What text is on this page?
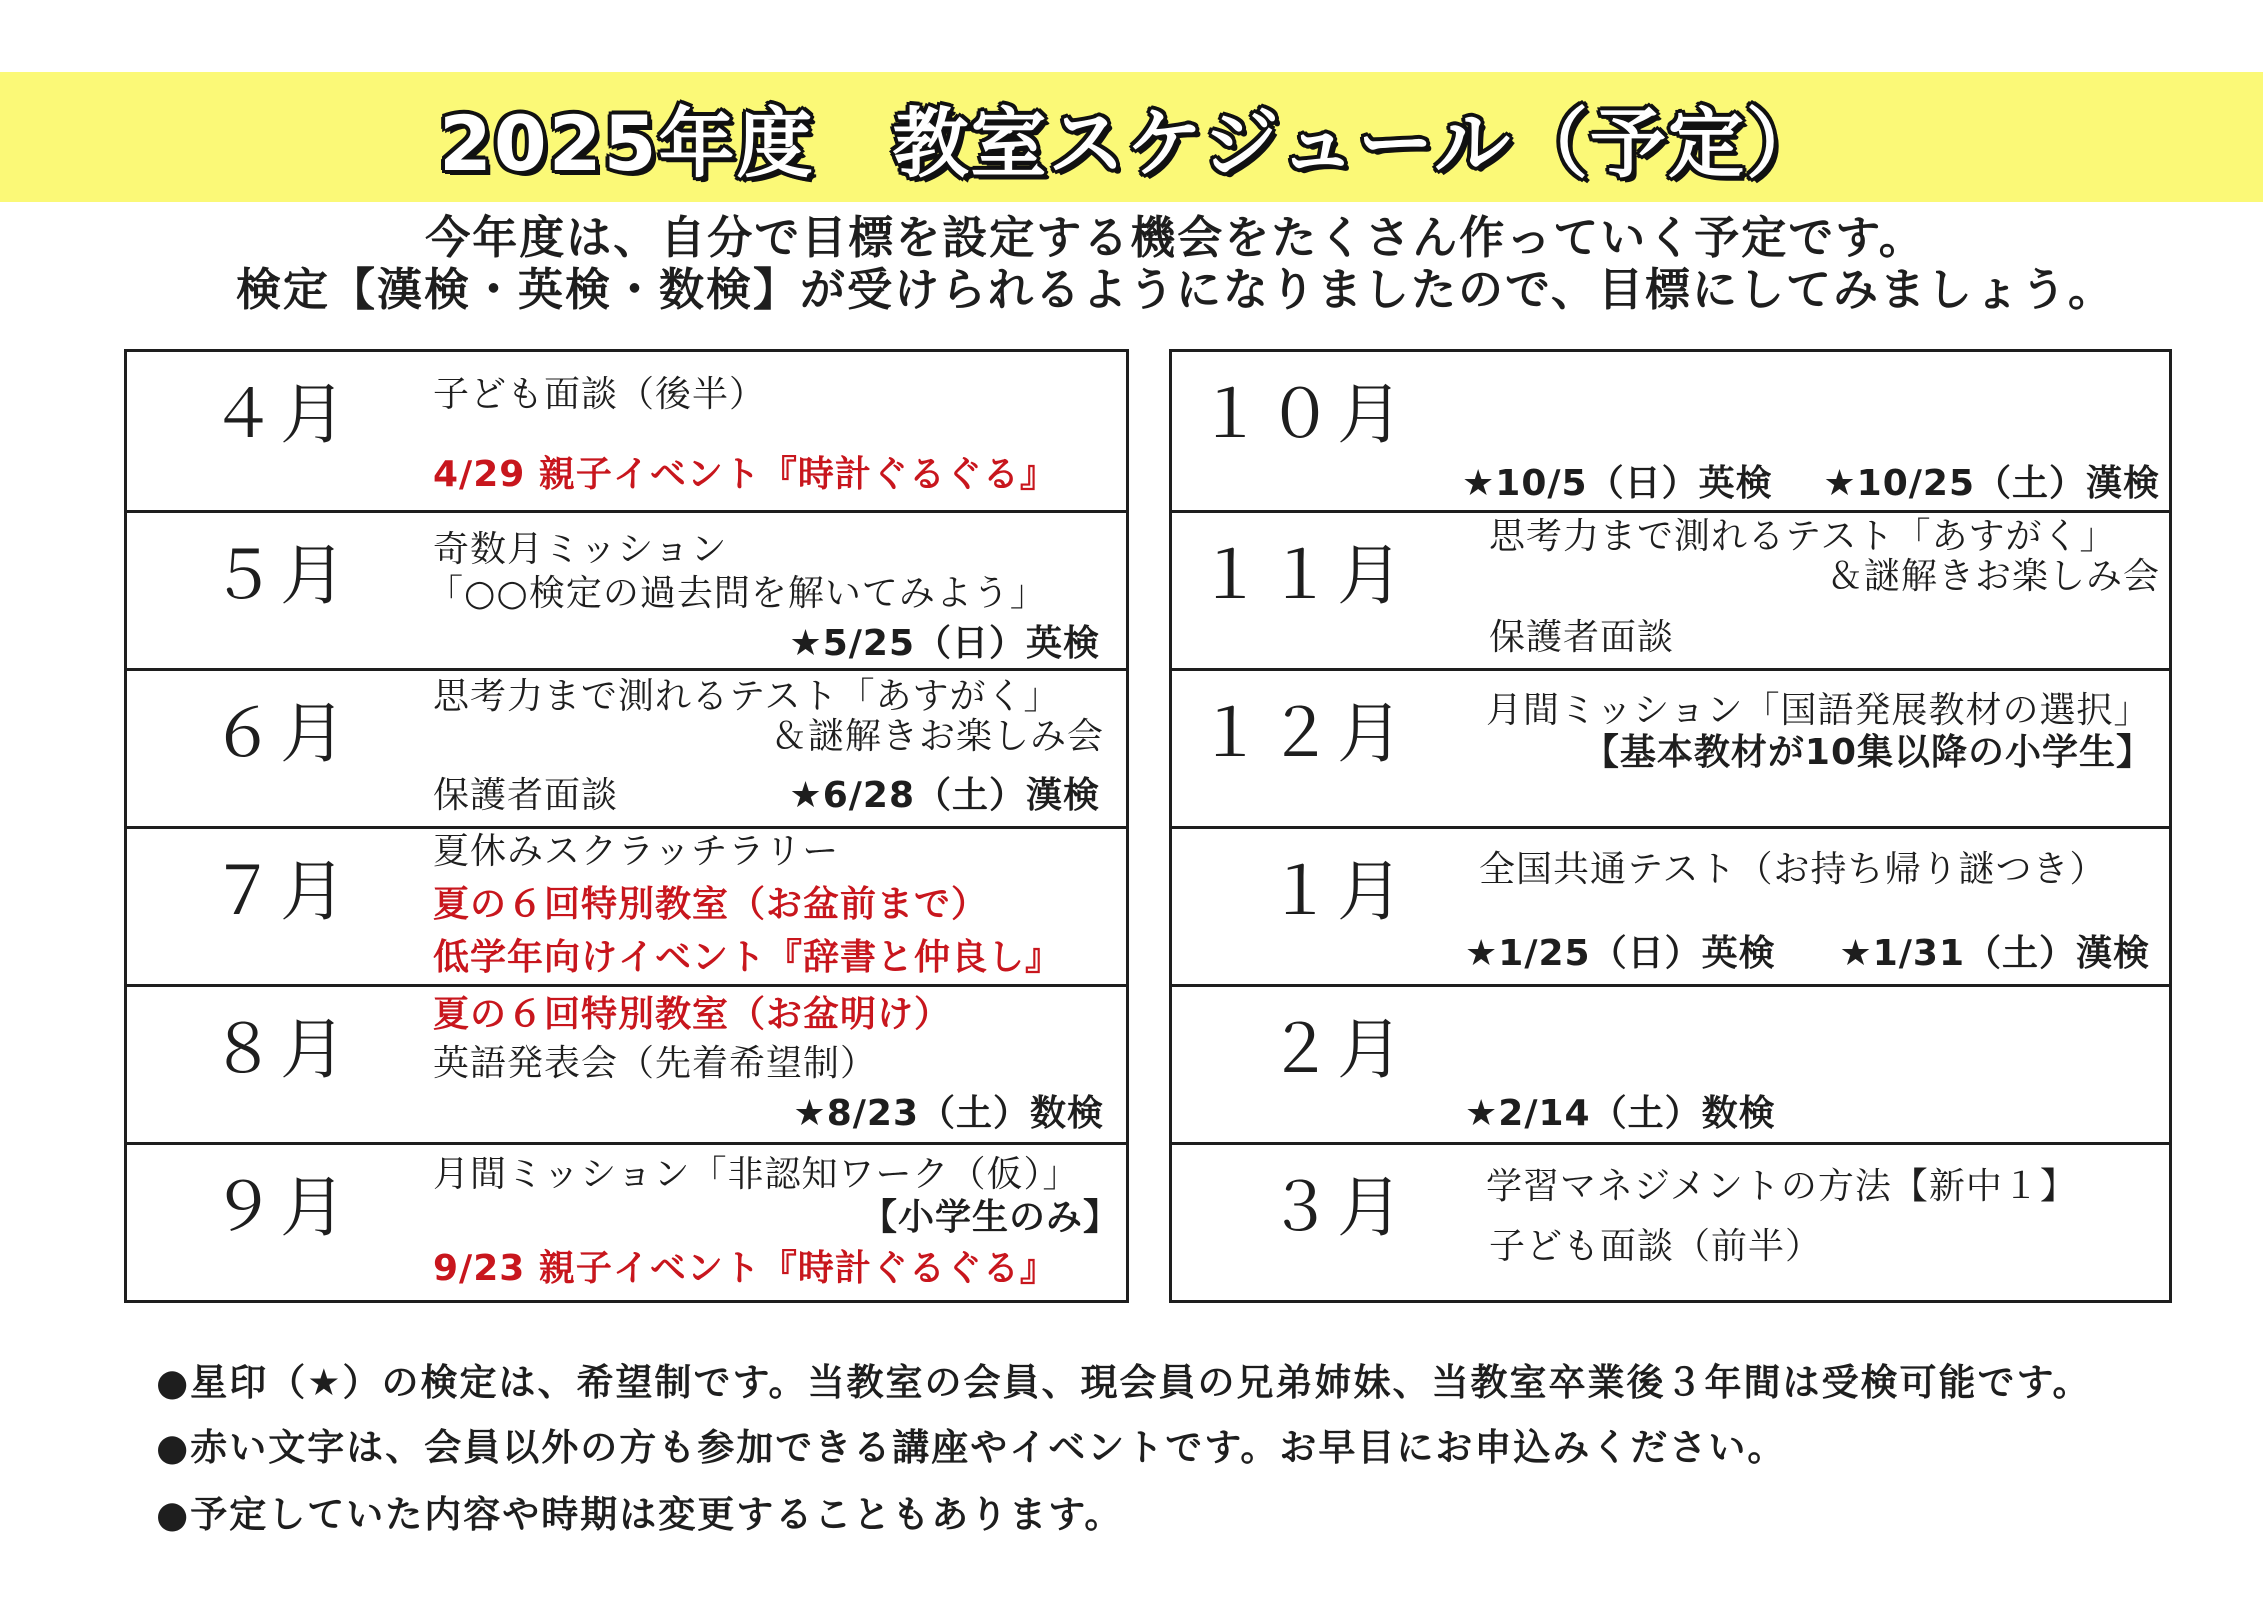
2025年度　教室スケジュール（予定）
今年度は、自分で目標を設定する機会をたくさん作っていく予定です。
検定【漢検・英検・数検】が受けられるようになりましたので、目標にしてみましょう。
４月 子ども面談（後半）
4/29 親子イベント『時計ぐるぐる』
５月 奇数月ミッション
「○○検定の過去問を解いてみよう」
★5/25（日）英検
６月 思考力まで測れるテスト「あすがく」
＆謎解きお楽しみ会
保護者面談	★6/28（土）漢検
７月
夏休みスクラッチラリー
夏の６回特別教室（お盆前まで）
低学年向けイベント『辞書と仲良し』
８月 夏の６回特別教室（お盆明け）
英語発表会（先着希望制）
★8/23（土）数検
９月 月間ミッション「非認知ワーク（仮）」
【小学生のみ】
9/23 親子イベント『時計ぐるぐる』
１０月
★10/5（日）英検 ★10/25（土）漢検
１１月
思考力まで測れるテスト「あすがく」
＆謎解きお楽しみ会
保護者面談
１２月 月間ミッション「国語発展教材の選択」
【基本教材が10集以降の小学生】
１月 全国共通テスト（お持ち帰り謎つき）
★1/25（日）英検 ★1/31（土）漢検
２月
★2/14（土）数検
３月 学習マネジメントの方法【新中１】
子ども面談（前半）
●星印（★）の検定は、希望制です。当教室の会員、現会員の兄弟姉妹、当教室卒業後３年間は受検可能です。
●赤い文字は、会員以外の方も参加できる講座やイベントです。お早目にお申込みください。
●予定していた内容や時期は変更することもあります。
